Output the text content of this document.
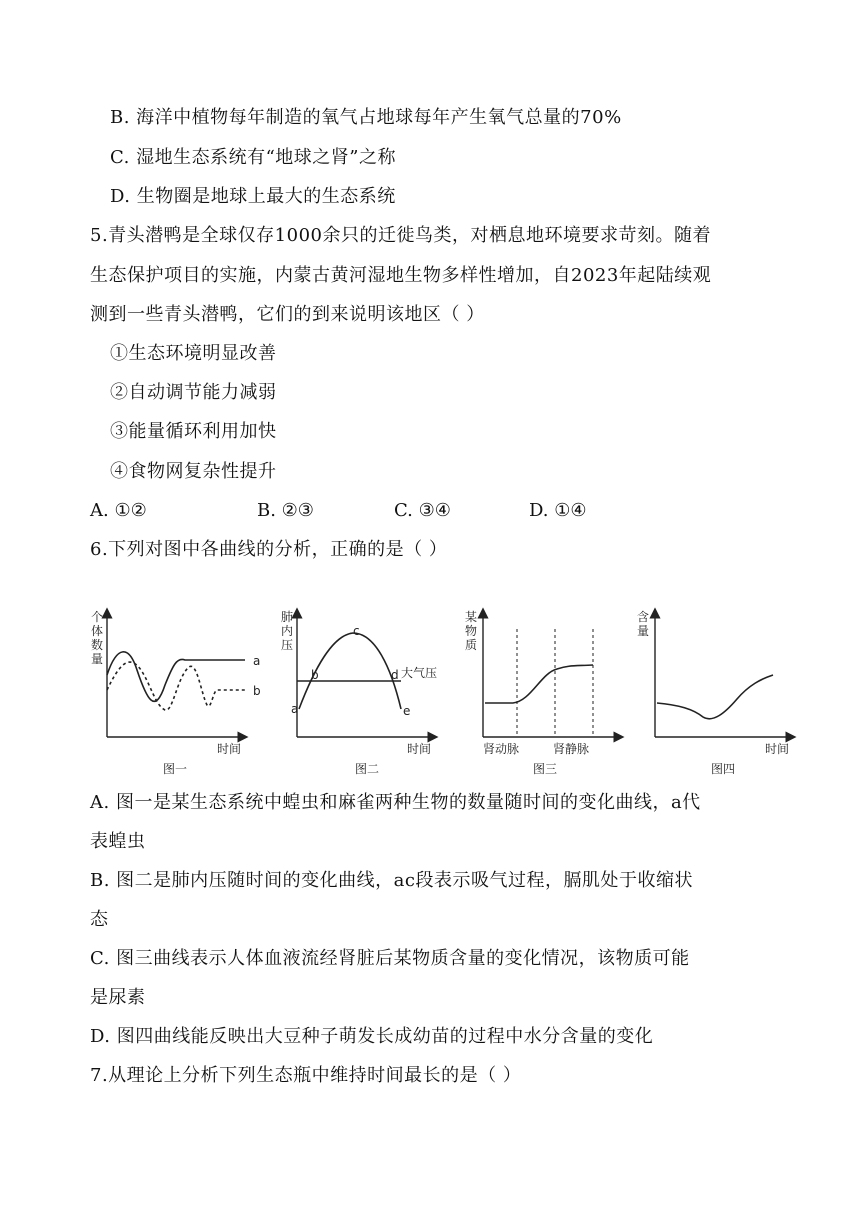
B. 海洋中植物每年制造的氧气占地球每年产生氧气总量的70%
C. 湿地生态系统有“地球之肾”之称
D. 生物圈是地球上最大的生态系统
5.青头潜鸭是全球仅存1000余只的迁徙鸟类，对栖息地环境要求苛刻。随着
生态保护项目的实施，内蒙古黄河湿地生物多样性增加，自2023年起陆续观
测到一些青头潜鸭，它们的到来说明该地区（ ）
①生态环境明显改善
②自动调节能力减弱
③能量循环利用加快
④食物网复杂性提升
A. ①②	B. ②③	C. ③④	D. ①④
6.下列对图中各曲线的分析，正确的是（ ）
个
体
数
量
时间
图一
a
b
肺
内
压
时间
图二
a
b
c
d
e
大气压
某
物
质
肾动脉	肾静脉
图三
含
量
时间
图四
A. 图一是某生态系统中蝗虫和麻雀两种生物的数量随时间的变化曲线，a代
表蝗虫
B. 图二是肺内压随时间的变化曲线，ac段表示吸气过程，膈肌处于收缩状
态
C. 图三曲线表示人体血液流经肾脏后某物质含量的变化情况，该物质可能
是尿素
D. 图四曲线能反映出大豆种子萌发长成幼苗的过程中水分含量的变化
7.从理论上分析下列生态瓶中维持时间最长的是（ ）
